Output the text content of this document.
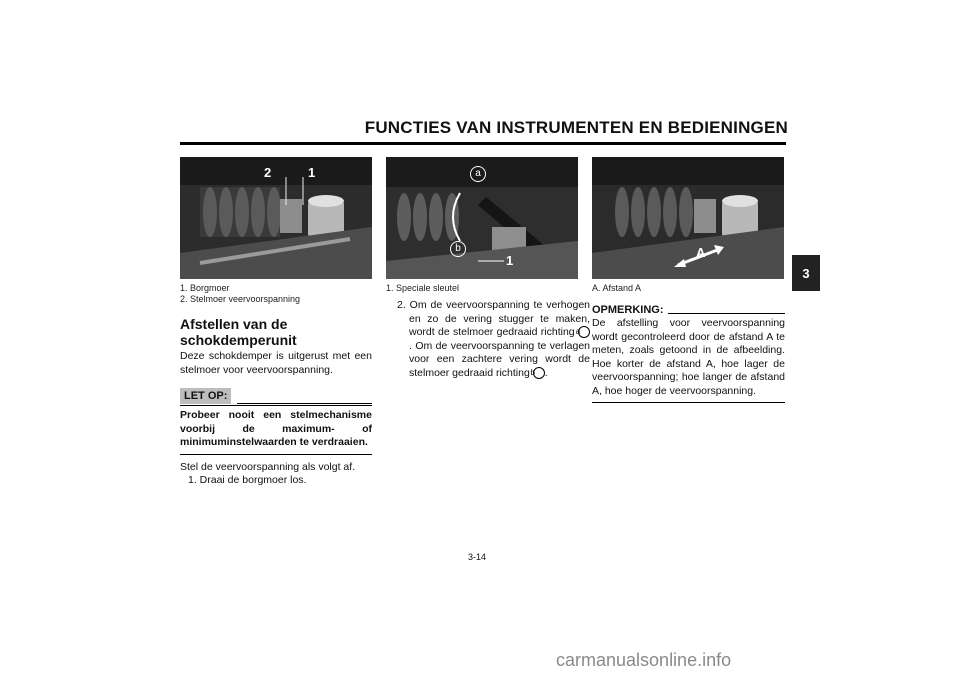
FUNCTIES VAN INSTRUMENTEN EN BEDIENINGEN
3
2	1
1. Borgmoer
2. Stelmoer veervoorspanning
a
b
1
1. Speciale sleutel
A
A. Afstand A
Afstellen van de
schokdemperunit
Deze schokdemper is uitgerust met een stelmoer voor veervoorspanning.
LET OP:
Probeer nooit een stelmechanisme voorbij de maximum- of minimuminstelwaarden te verdraaien.
Stel de veervoorspanning als volgt af.
1. Draai de borgmoer los.
2. Om de veervoorspanning te verhogen en zo de vering stugger te maken, wordt de stelmoer gedraaid richting a. Om de veervoorspanning te verlagen voor een zachtere vering wordt de stelmoer gedraaid richting b .
OPMERKING:
De afstelling voor veervoorspanning wordt gecontroleerd door de afstand A te meten, zoals getoond in de afbeelding. Hoe korter de afstand A, hoe lager de veervoorspanning; hoe langer de afstand A, hoe hoger de veervoorspanning.
3-14
carmanualsonline.info
